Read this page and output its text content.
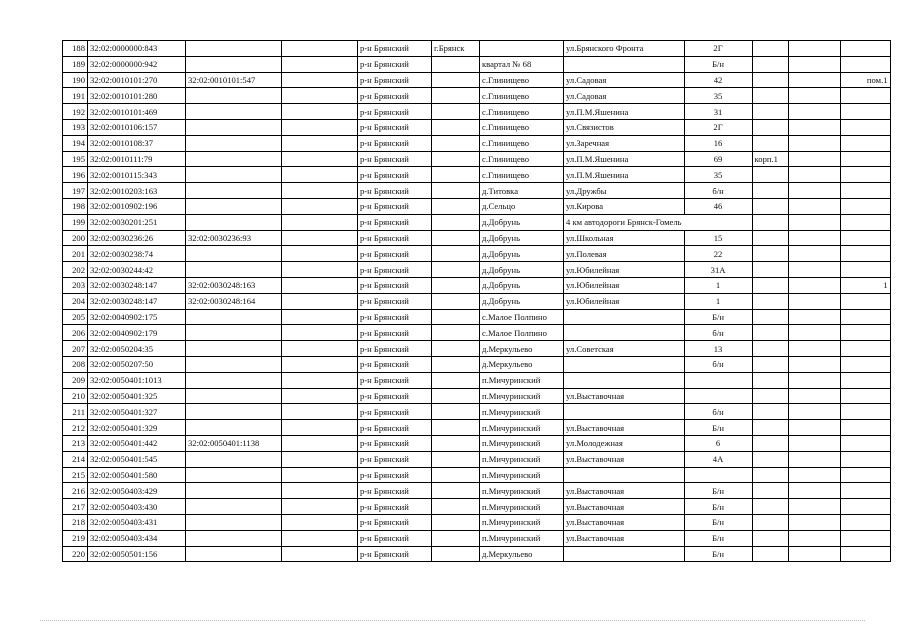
188	32:02:0000000:843			р-н Брянский	г.Брянск		ул.Брянского Фронта	2Г			
189	32:02:0000000:942			р-н Брянский		квартал № 68		Б/н			
190	32:02:0010101:270	32:02:0010101:547		р-н Брянский		с.Глинищево	ул.Садовая	42			пом.1
191	32:02:0010101:280			р-н Брянский		с.Глинищево	ул.Садовая	35			
192	32:02:0010101:469			р-н Брянский		с.Глинищево	ул.П.М.Яшенина	31			
193	32:02:0010106:157			р-н Брянский		с.Глинищево	ул.Связистов	2Г			
194	32:02:0010108:37			р-н Брянский		с.Глинищево	ул.Заречная	16			
195	32:02:0010111:79			р-н Брянский		с.Глинищево	ул.П.М.Яшенина	69	корп.1		
196	32:02:0010115:343			р-н Брянский		с.Глинищево	ул.П.М.Яшенина	35			
197	32:02:0010203:163			р-н Брянский		д.Титовка	ул.Дружбы	б/н			
198	32:02:0010902:196			р-н Брянский		д.Сельцо	ул.Кирова	46			
199	32:02:0030201:251			р-н Брянский		д.Добрунь	4 км автодороги Брянск-Гомель				
200	32:02:0030236:26	32:02:0030236:93		р-н Брянский		д.Добрунь	ул.Школьная	15			
201	32:02:0030238:74			р-н Брянский		д.Добрунь	ул.Полевая	22			
202	32:02:0030244:42			р-н Брянский		д.Добрунь	ул.Юбилейная	31А			
203	32:02:0030248:147	32:02:0030248:163		р-н Брянский		д.Добрунь	ул.Юбилейная	1			1
204	32:02:0030248:147	32:02:0030248:164		р-н Брянский		д.Добрунь	ул.Юбилейная	1			
205	32:02:0040902:175			р-н Брянский		с.Малое Полпино		Б/н			
206	32:02:0040902:179			р-н Брянский		с.Малое Полпино		б/н			
207	32:02:0050204:35			р-н Брянский		д.Меркульево	ул.Советская	13			
208	32:02:0050207:50			р-н Брянский		д.Меркульево		б/н			
209	32:02:0050401:1013			р-н Брянский		п.Мичуринский					
210	32:02:0050401:325			р-н Брянский		п.Мичуринский	ул.Выставочная				
211	32:02:0050401:327			р-н Брянский		п.Мичуринский		б/н			
212	32:02:0050401:329			р-н Брянский		п.Мичуринский	ул.Выставочная	Б/н			
213	32:02:0050401:442	32:02:0050401:1138		р-н Брянский		п.Мичуринский	ул.Молодежная	6			
214	32:02:0050401:545			р-н Брянский		п.Мичуринский	ул.Выставочная	4А			
215	32:02:0050401:580			р-н Брянский		п.Мичуринский					
216	32:02:0050403:429			р-н Брянский		п.Мичуринский	ул.Выставочная	Б/н			
217	32:02:0050403:430			р-н Брянский		п.Мичуринский	ул.Выставочная	Б/н			
218	32:02:0050403:431			р-н Брянский		п.Мичуринский	ул.Выставочная	Б/н			
219	32:02:0050403:434			р-н Брянский		п.Мичуринский	ул.Выставочная	Б/н			
220	32:02:0050501:156			р-н Брянский		д.Меркульево		Б/н			
